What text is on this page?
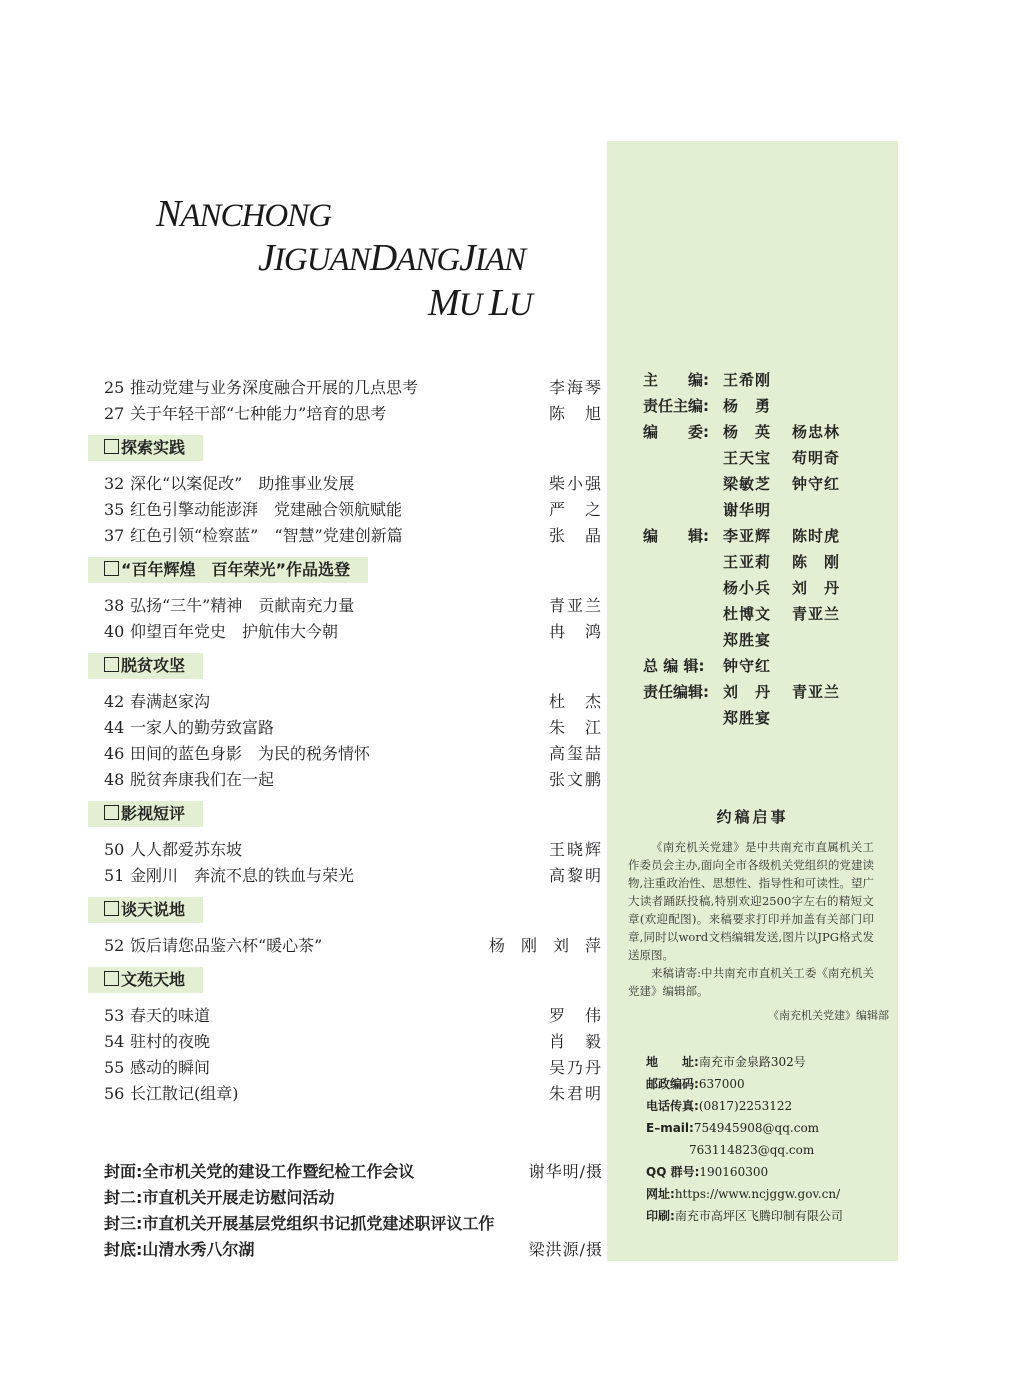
NANCHONG
JIGUANDANGJIAN
MU LU
25 推动党建与业务深度融合开展的几点思考	李海琴
27 关于年轻干部“七种能力”培育的思考	陈　旭
探索实践
32 深化“以案促改”　助推事业发展	柴小强
35 红色引擎动能澎湃　党建融合领航赋能	严　之
37 红色引领“检察蓝”　“智慧”党建创新篇	张　晶
“百年辉煌　百年荣光”作品选登
38 弘扬“三牛”精神　贡献南充力量	青亚兰
40 仰望百年党史　护航伟大今朝	冉　鸿
脱贫攻坚
42 春满赵家沟	杜　杰
44 一家人的勤劳致富路	朱　江
46 田间的蓝色身影　为民的税务情怀	高玺喆
48 脱贫奔康我们在一起	张文鹏
影视短评
50 人人都爱苏东坡	王晓辉
51 金刚川　奔流不息的铁血与荣光	高黎明
谈天说地
52 饭后请您品鉴六杯“暖心茶”	杨刚刘萍
文苑天地
53 春天的味道	罗　伟
54 驻村的夜晚	肖　毅
55 感动的瞬间	吴乃丹
56 长江散记(组章)	朱君明
封面:全市机关党的建设工作暨纪检工作会议	谢华明/摄
封二:市直机关开展走访慰问活动
封三:市直机关开展基层党组织书记抓党建述职评议工作
封底:山清水秀八尔湖	梁洪源/摄
主　　编: 王希刚
责任主编: 杨　勇
编　　委: 杨　英 杨忠林
王天宝 苟明奇
梁敏芝 钟守红
谢华明
编　　辑: 李亚辉 陈时虎
王亚莉 陈　刚
杨小兵 刘　丹
杜博文 青亚兰
郑胜宴
总 编 辑:	钟守红
责任编辑: 刘　丹 青亚兰
郑胜宴
约稿启事

《南充机关党建》是中共南充市直属机关工作委员会主办,面向全市各级机关党组织的党建读物,注重政治性、思想性、指导性和可读性。望广大读者踊跃投稿,特别欢迎2500字左右的精短文章(欢迎配图)。来稿要求打印并加盖有关部门印章,同时以word文档编辑发送,图片以JPG格式发送原图。

来稿请寄:中共南充市直机关工委《南充机关党建》编辑部。

《南充机关党建》编辑部
地　　址:南充市金泉路302号
邮政编码:637000
电话传真:(0817)2253122
E–mail:754945908@qq.com
763114823@qq.com
QQ 群号:190160300
网址:https://www.ncjggw.gov.cn/
印刷:南充市高坪区飞腾印制有限公司
